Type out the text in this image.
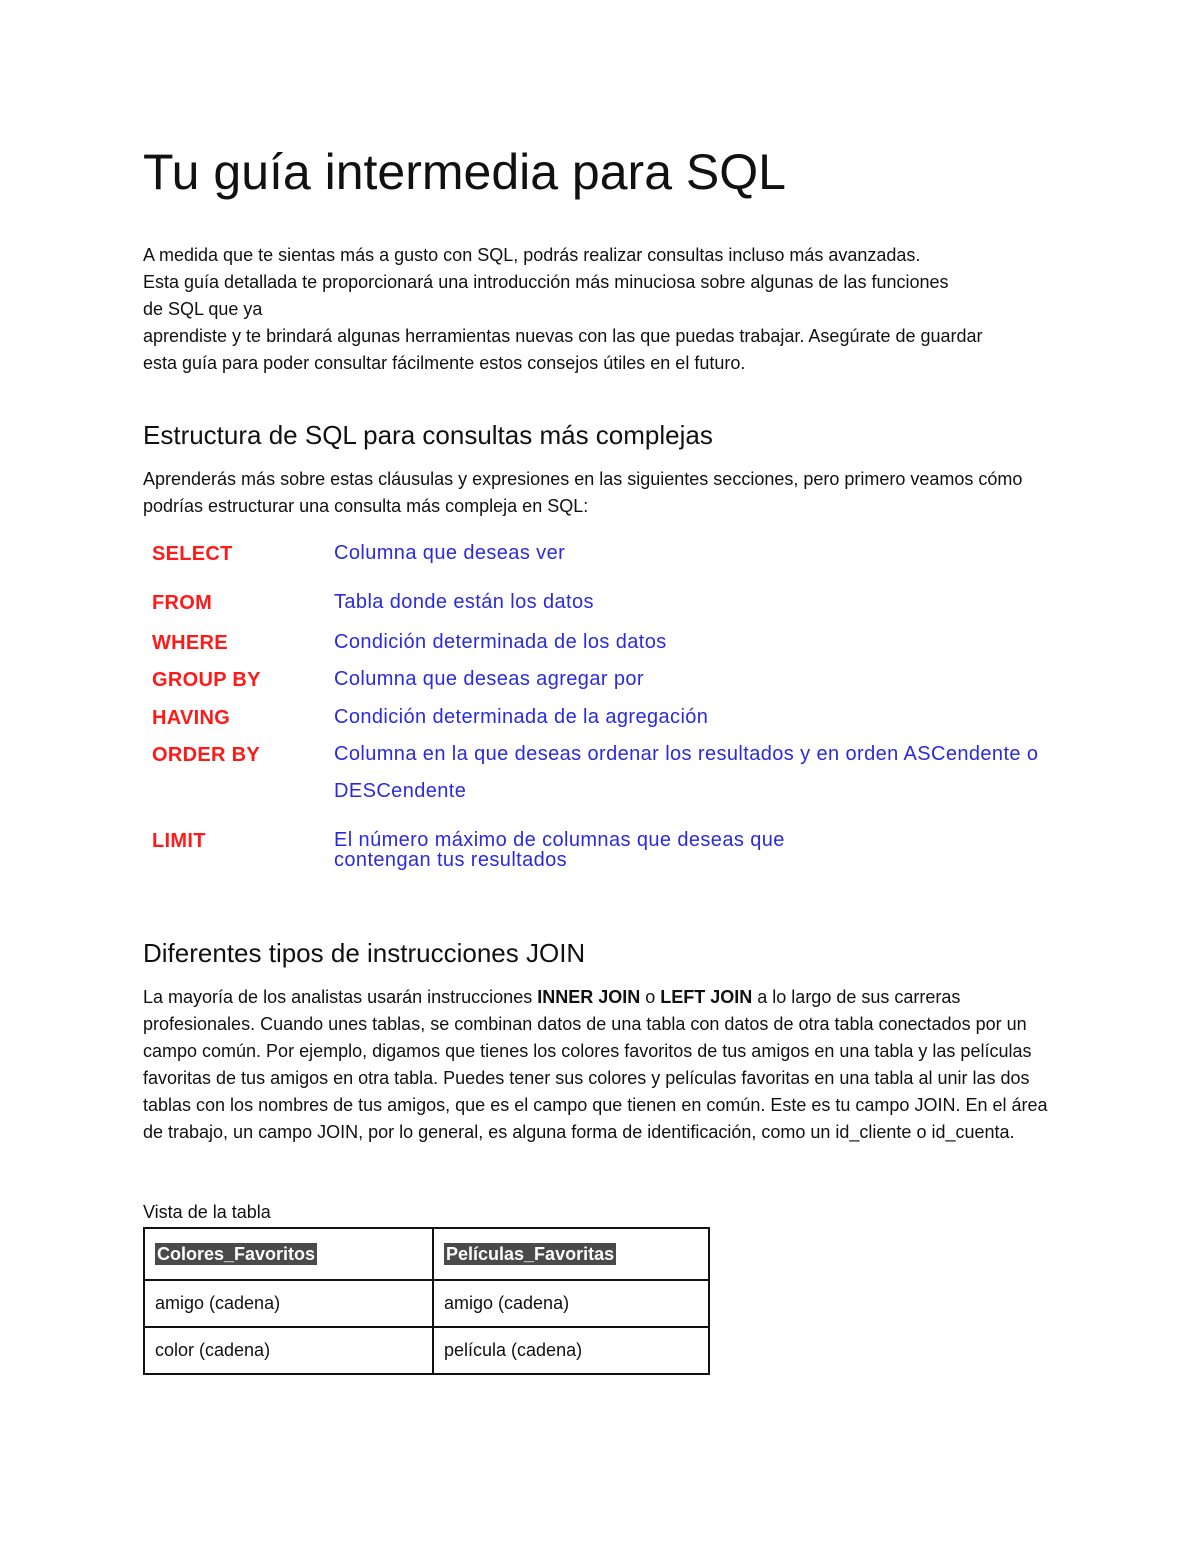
Tu guía intermedia para SQL

A medida que te sientas más a gusto con SQL, podrás realizar consultas incluso más avanzadas.
Esta guía detallada te proporcionará una introducción más minuciosa sobre algunas de las funciones
de SQL que ya
aprendiste y te brindará algunas herramientas nuevas con las que puedas trabajar. Asegúrate de guardar
esta guía para poder consultar fácilmente estos consejos útiles en el futuro.

Estructura de SQL para consultas más complejas

Aprenderás más sobre estas cláusulas y expresiones en las siguientes secciones, pero primero veamos cómo podrías estructurar una consulta más compleja en SQL:

SELECT	Columna que deseas ver
FROM	Tabla donde están los datos
WHERE	Condición determinada de los datos
GROUP BY	Columna que deseas agregar por
HAVING	Condición determinada de la agregación
ORDER BY	Columna en la que deseas ordenar los resultados y en orden ASCendente o DESCendente
LIMIT	El número máximo de columnas que deseas que contengan tus resultados
Diferentes tipos de instrucciones JOIN

La mayoría de los analistas usarán instrucciones INNER JOIN o LEFT JOIN a lo largo de sus carreras profesionales. Cuando unes tablas, se combinan datos de una tabla con datos de otra tabla conectados por un campo común. Por ejemplo, digamos que tienes los colores favoritos de tus amigos en una tabla y las películas favoritas de tus amigos en otra tabla. Puedes tener sus colores y películas favoritas en una tabla al unir las dos tablas con los nombres de tus amigos, que es el campo que tienen en común. Este es tu campo JOIN. En el área de trabajo, un campo JOIN, por lo general, es alguna forma de identificación, como un id_cliente o id_cuenta.

Vista de la tabla

Colores_Favoritos	Películas_Favoritas
amigo (cadena)	amigo (cadena)
color (cadena)	película (cadena)
